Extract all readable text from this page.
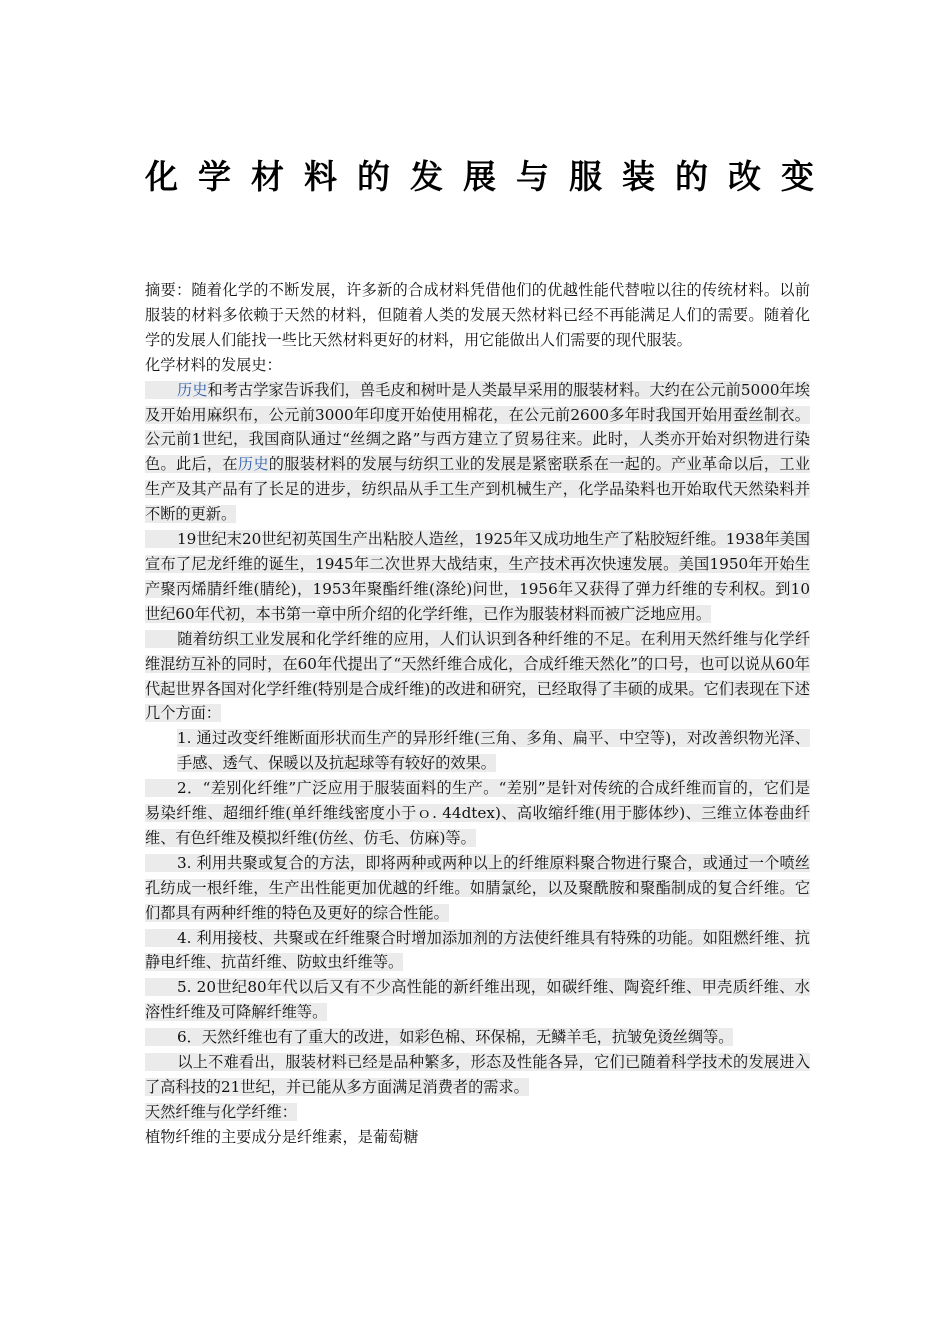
化学材料的发展与服装的改变

摘要：随着化学的不断发展，许多新的合成材料凭借他们的优越性能代替啦以往的传统材料。以前服装的材料多依赖于天然的材料，但随着人类的发展天然材料已经不再能满足人们的需要。随着化学的发展人们能找一些比天然材料更好的材料，用它能做出人们需要的现代服装。

化学材料的发展史：

历史和考古学家告诉我们，兽毛皮和树叶是人类最早采用的服装材料。大约在公元前5000年埃及开始用麻织布，公元前3000年印度开始使用棉花，在公元前2600多年时我国开始用蚕丝制衣。公元前1世纪，我国商队通过“丝绸之路”与西方建立了贸易往来。此时，人类亦开始对织物进行染色。此后，在历史的服装材料的发展与纺织工业的发展是紧密联系在一起的。产业革命以后，工业生产及其产品有了长足的进步，纺织品从手工生产到机械生产，化学品染料也开始取代天然染料并不断的更新。

19世纪末20世纪初英国生产出粘胶人造丝，1925年又成功地生产了粘胶短纤维。1938年美国宣布了尼龙纤维的诞生，1945年二次世界大战结束，生产技术再次快速发展。美国1950年开始生产聚丙烯腈纤维(腈纶)，1953年聚酯纤维(涤纶)问世，1956年又获得了弹力纤维的专利权。到10世纪60年代初，本书第一章中所介绍的化学纤维，已作为服装材料而被广泛地应用。

随着纺织工业发展和化学纤维的应用，人们认识到各种纤维的不足。在利用天然纤维与化学纤维混纺互补的同时，在60年代提出了“天然纤维合成化，合成纤维天然化”的口号，也可以说从60年代起世界各国对化学纤维(特别是合成纤维)的改进和研究，已经取得了丰硕的成果。它们表现在下述几个方面：

1. 通过改变纤维断面形状而生产的异形纤维(三角、多角、扁平、中空等)，对改善织物光泽、手感、透气、保暖以及抗起球等有较好的效果。

2．“差别化纤维”广泛应用于服装面料的生产。“差别”是针对传统的合成纤维而盲的，它们是易染纤维、超细纤维(单纤维线密度小于ｏ. 44dtex)、高收缩纤维(用于膨体纱)、三维立体卷曲纤维、有色纤维及模拟纤维(仿丝、仿毛、仿麻)等。

3. 利用共聚或复合的方法，即将两种或两种以上的纤维原料聚合物进行聚合，或通过一个喷丝孔纺成一根纤维，生产出性能更加优越的纤维。如腈氯纶，以及聚酰胺和聚酯制成的复合纤维。它们都具有两种纤维的特色及更好的综合性能。

4. 利用接枝、共聚或在纤维聚合时增加添加剂的方法使纤维具有特殊的功能。如阻燃纤维、抗静电纤维、抗苗纤维、防蚊虫纤维等。

5. 20世纪80年代以后又有不少高性能的新纤维出现，如碳纤维、陶瓷纤维、甲壳质纤维、水溶性纤维及可降解纤维等。

6．天然纤维也有了重大的改进，如彩色棉、环保棉，无鳞羊毛，抗皱免烫丝绸等。

以上不难看出，服装材料已经是品种繁多，形态及性能各异，它们已随着科学技术的发展进入了高科技的21世纪，并已能从多方面满足消费者的需求。

天然纤维与化学纤维：

植物纤维的主要成分是纤维素，是葡萄糖
